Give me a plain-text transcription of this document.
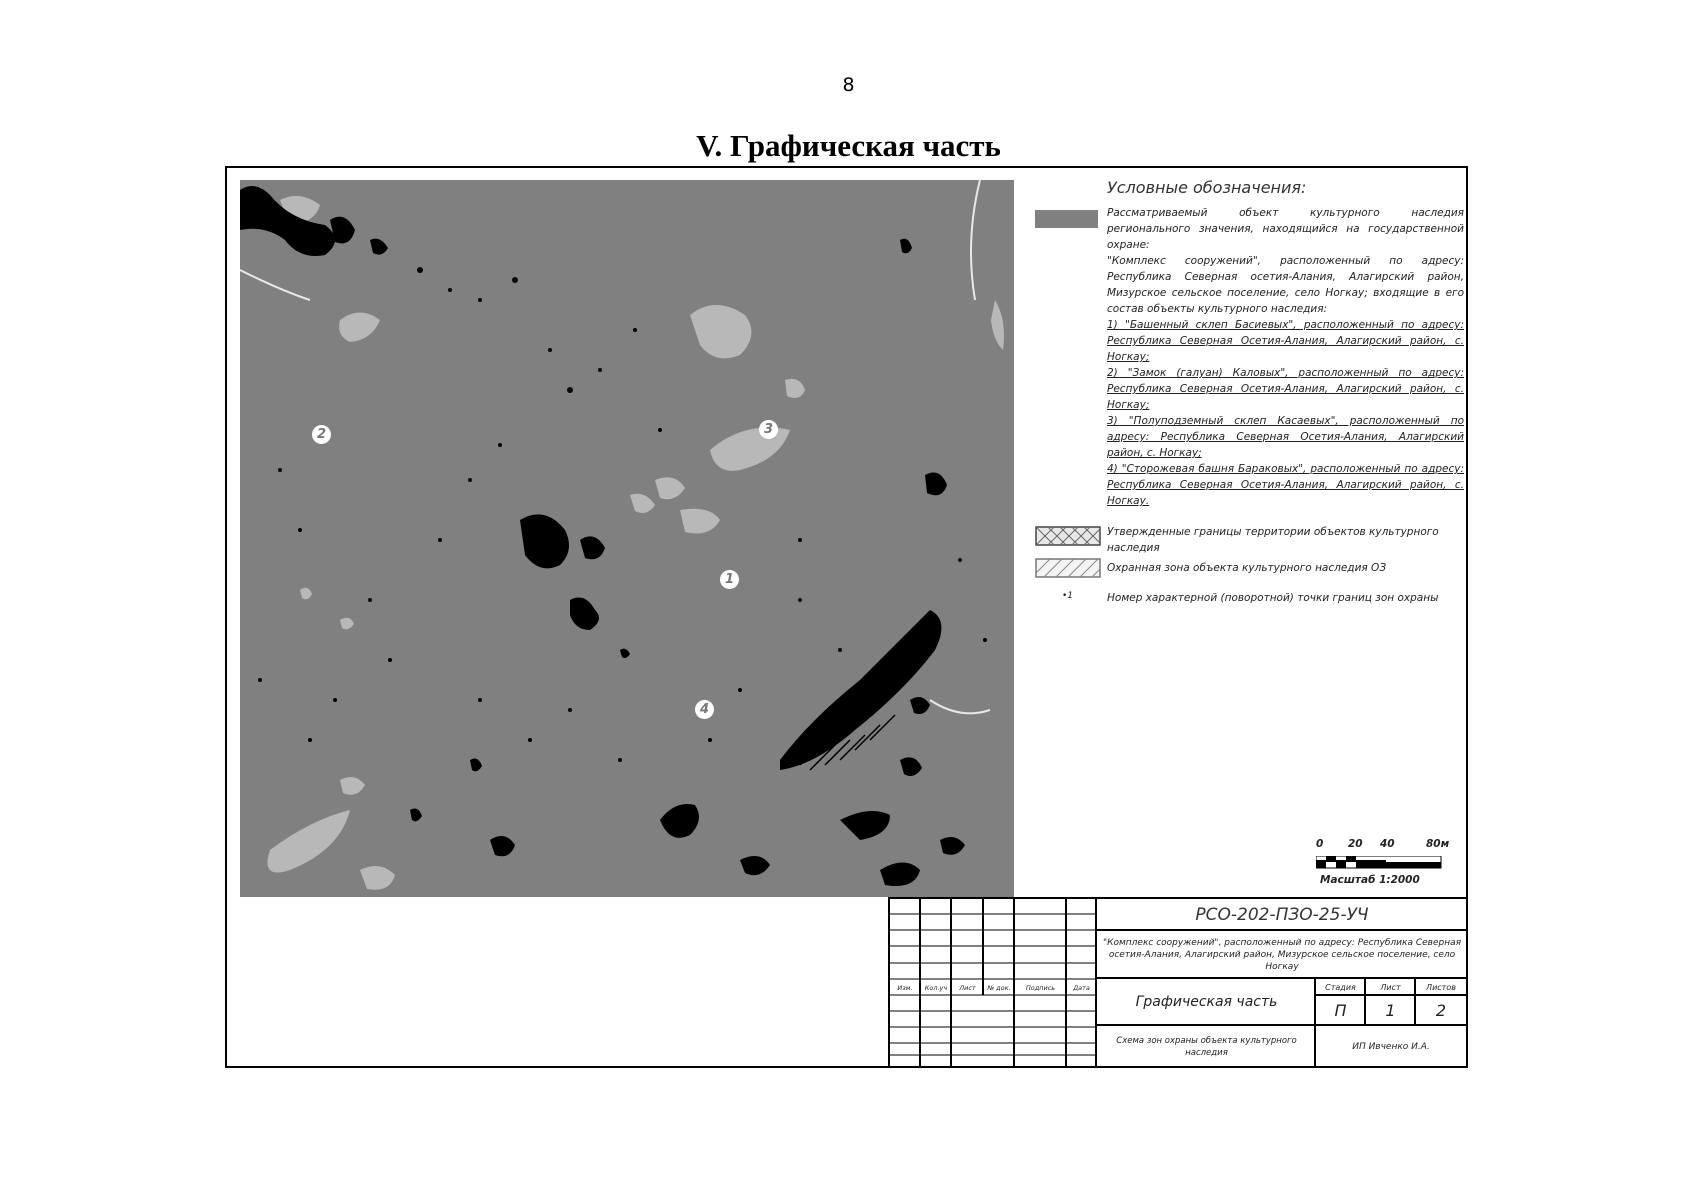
8
V. Графическая часть
2	3
1
4
Условные обозначения:

Рассматриваемый объект культурного наследия регионального значения, находящийся на государственной охране:

"Комплекс сооружений", расположенный по адресу: Республика Северная осетия-Алания, Алагирский район, Мизурское сельское поселение, село Ногкау; входящие в его состав объекты культурного наследия:

1) "Башенный склеп Басиевых", расположенный по адресу: Республика Северная Осетия-Алания, Алагирский район, с. Ногкау;

2) "Замок (галуан) Каловых", расположенный по адресу: Республика Северная Осетия-Алания, Алагирский район, с. Ногкау;

3) "Полуподземный склеп Касаевых", расположенный по адресу: Республика Северная Осетия-Алания, Алагирский район, с. Ногкау;

4) "Сторожевая башня Бараковых", расположенный по адресу: Республика Северная Осетия-Алания, Алагирский район, с. Ногкау.

Утвержденные границы территории объектов культурного наследия
Охранная зона объекта культурного наследия ОЗ
•1	Номер характерной (поворотной) точки границ зон охраны
0 20 40	80м
Масштаб 1:2000
Изм.	Кол.уч	Лист	№ док.	Подпись	Дата
РСО-202-ПЗО-25-УЧ
"Комплекс сооружений", расположенный по адресу: Республика Северная осетия-Алания, Алагирский район, Мизурское сельское поселение, село Ногкау
Графическая часть
Схема зон охраны объекта культурного наследия
Стадия	Лист	Листов
П	1	2
ИП Ивченко И.А.
